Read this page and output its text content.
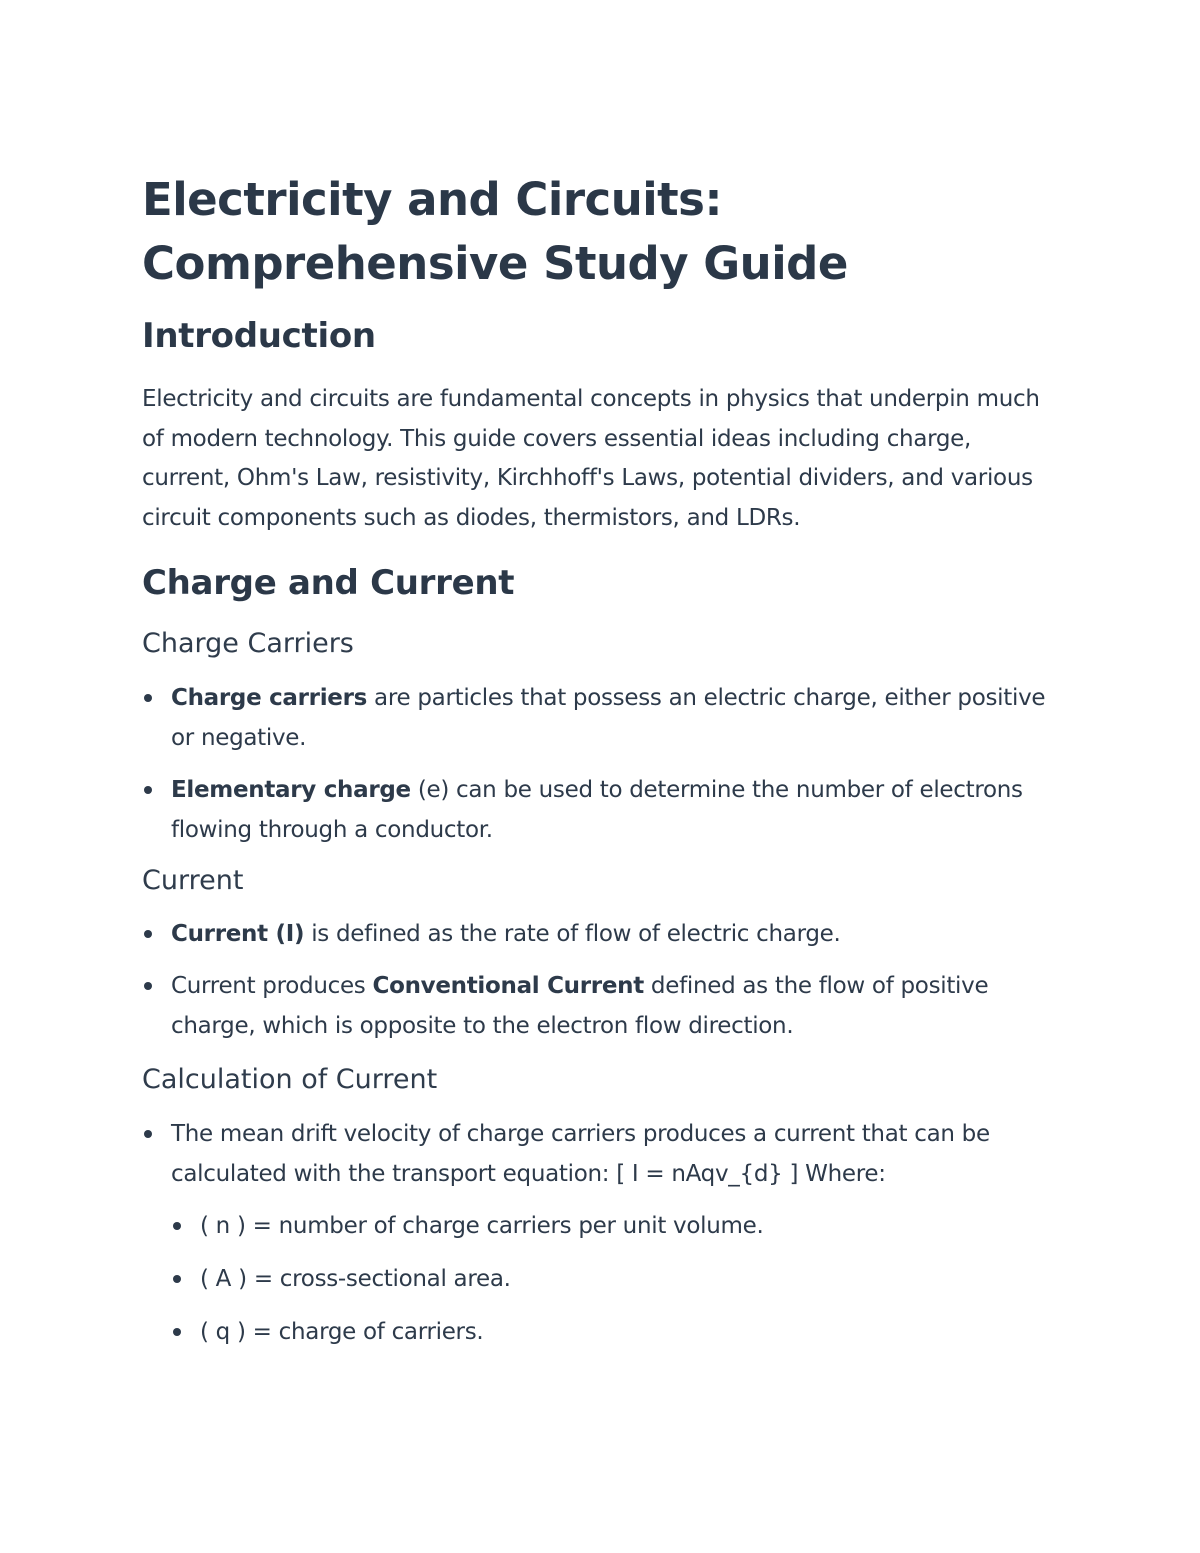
Electricity and Circuits:
Comprehensive Study Guide
Introduction

Electricity and circuits are fundamental concepts in physics that underpin much of modern technology. This guide covers essential ideas including charge, current, Ohm's Law, resistivity, Kirchhoff's Laws, potential dividers, and various circuit components such as diodes, thermistors, and LDRs.

Charge and Current
Charge Carriers
Charge carriers are particles that possess an electric charge, either positive or negative.
Elementary charge (e) can be used to determine the number of electrons flowing through a conductor.
Current
Current (I) is defined as the rate of flow of electric charge.
Current produces Conventional Current defined as the flow of positive charge, which is opposite to the electron flow direction.
Calculation of Current
The mean drift velocity of charge carriers produces a current that can be calculated with the transport equation: [ I = nAqv_{d} ] Where:
( n ) = number of charge carriers per unit volume.
( A ) = cross-sectional area.
( q ) = charge of carriers.
